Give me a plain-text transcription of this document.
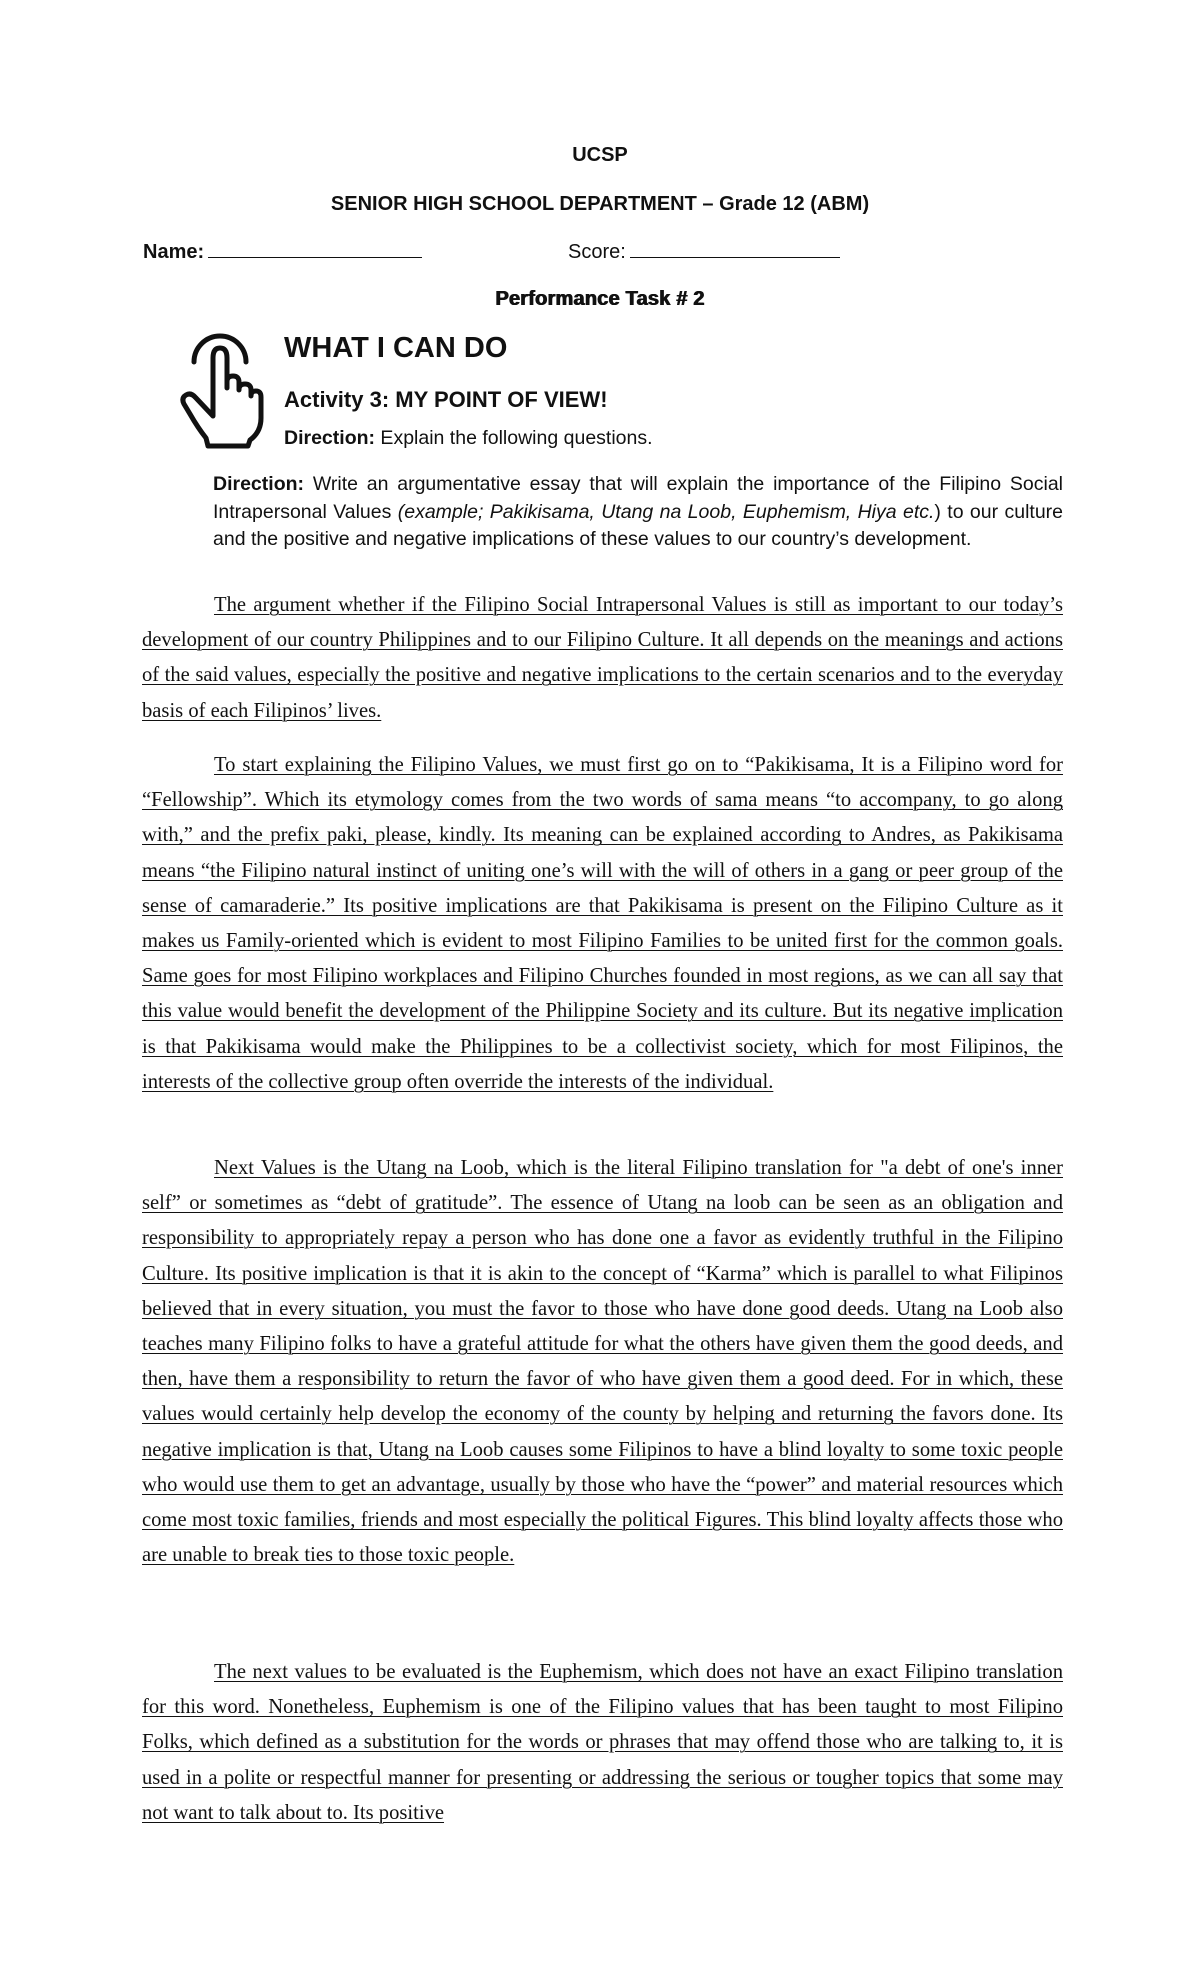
UCSP
SENIOR HIGH SCHOOL DEPARTMENT – Grade 12 (ABM)
Name:	Score:
Performance Task # 2
WHAT I CAN DO
Activity 3: MY POINT OF VIEW!
Direction: Explain the following questions.
Direction: Write an argumentative essay that will explain the importance of the Filipino Social Intrapersonal Values (example; Pakikisama, Utang na Loob, Euphemism, Hiya etc.) to our culture and the positive and negative implications of these values to our country’s development.

The argument whether if the Filipino Social Intrapersonal Values is still as important to our today’s development of our country Philippines and to our Filipino Culture. It all depends on the meanings and actions of the said values, especially the positive and negative implications to the certain scenarios and to the everyday basis of each Filipinos’ lives.

To start explaining the Filipino Values, we must first go on to “Pakikisama, It is a Filipino word for “Fellowship”. Which its etymology comes from the two words of sama means “to accompany, to go along with,” and the prefix paki, please, kindly. Its meaning can be explained according to Andres, as Pakikisama means “the Filipino natural instinct of uniting one’s will with the will of others in a gang or peer group of the sense of camaraderie.” Its positive implications are that Pakikisama is present on the Filipino Culture as it makes us Family-oriented which is evident to most Filipino Families to be united first for the common goals. Same goes for most Filipino workplaces and Filipino Churches founded in most regions, as we can all say that this value would benefit the development of the Philippine Society and its culture. But its negative implication is that Pakikisama would make the Philippines to be a collectivist society, which for most Filipinos, the interests of the collective group often override the interests of the individual.

Next Values is the Utang na Loob, which is the literal Filipino translation for "a debt of one's inner self” or sometimes as “debt of gratitude”. The essence of Utang na loob can be seen as an obligation and responsibility to appropriately repay a person who has done one a favor as evidently truthful in the Filipino Culture. Its positive implication is that it is akin to the concept of “Karma” which is parallel to what Filipinos believed that in every situation, you must the favor to those who have done good deeds. Utang na Loob also teaches many Filipino folks to have a grateful attitude for what the others have given them the good deeds, and then, have them a responsibility to return the favor of who have given them a good deed. For in which, these values would certainly help develop the economy of the county by helping and returning the favors done. Its negative implication is that, Utang na Loob causes some Filipinos to have a blind loyalty to some toxic people who would use them to get an advantage, usually by those who have the “power” and material resources which come most toxic families, friends and most especially the political Figures. This blind loyalty affects those who are unable to break ties to those toxic people.

The next values to be evaluated is the Euphemism, which does not have an exact Filipino translation for this word. Nonetheless, Euphemism is one of the Filipino values that has been taught to most Filipino Folks, which defined as a substitution for the words or phrases that may offend those who are talking to, it is used in a polite or respectful manner for presenting or addressing the serious or tougher topics that some may not want to talk about to. Its positive
